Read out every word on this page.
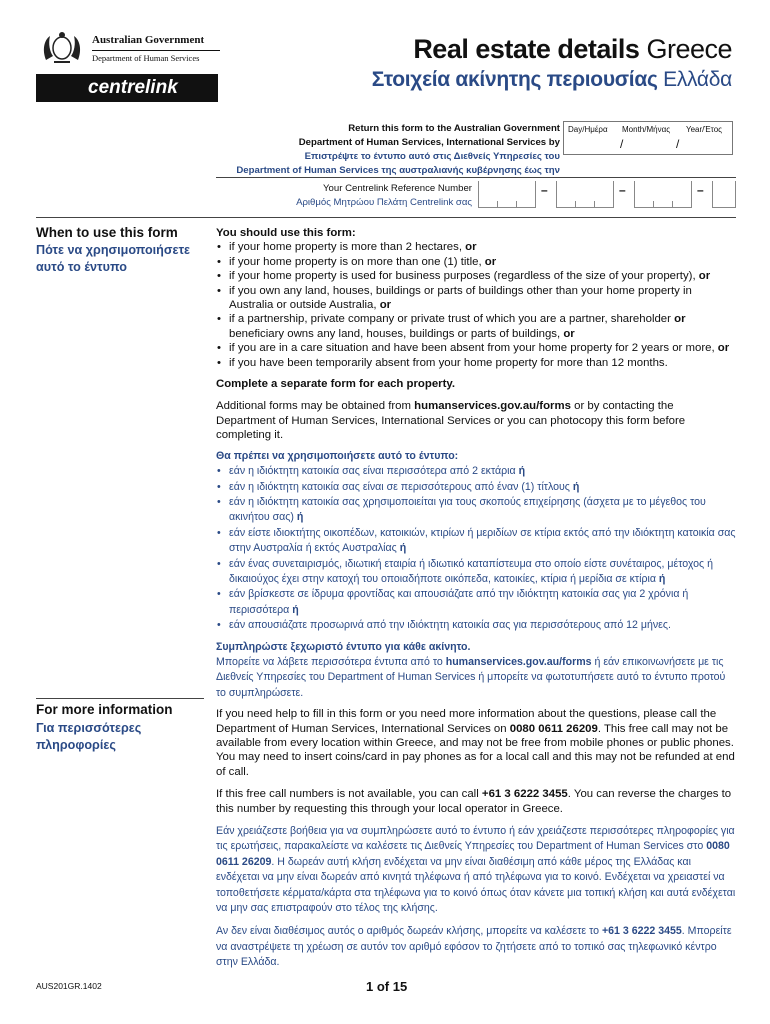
Australian Government
Department of Human Services
centrelink
Real estate details Greece
Στοιχεία ακίνητης περιουσίας Ελλάδα
Return this form to the Australian Government
Department of Human Services, International Services by
Επιστρέψτε το έντυπο αυτό στις Διεθνείς Υπηρεσίες του
Department of Human Services της αυστραλιανής κυβέρνησης έως την
Day/Ημέρα Month/Μήνας Year/Έτος
/	/
Your Centrelink Reference Number
Αριθμός Μητρώου Πελάτη Centrelink σας
–	–	–
When to use this form
Πότε να χρησιμοποιήσετε
αυτό το έντυπο
For more information
Για περισσότερες
πληροφορίες

You should use this form:

• if your home property is more than 2 hectares, or
• if your home property is on more than one (1) title, or
• if your home property is used for business purposes (regardless of the size of your property), or
• if you own any land, houses, buildings or parts of buildings other than your home property in Australia or outside Australia, or
• if a partnership, private company or private trust of which you are a partner, shareholder or beneficiary owns any land, houses, buildings or parts of buildings, or
• if you are in a care situation and have been absent from your home property for 2 years or more, or
• if you have been temporarily absent from your home property for more than 12 months.

Complete a separate form for each property.

Additional forms may be obtained from humanservices.gov.au/forms or by contacting the Department of Human Services, International Services or you can photocopy this form before completing it.

Θα πρέπει να χρησιμοποιήσετε αυτό το έντυπο:

• εάν η ιδιόκτητη κατοικία σας είναι περισσότερα από 2 εκτάρια ή
• εάν η ιδιόκτητη κατοικία σας είναι σε περισσότερους από έναν (1) τίτλους ή
• εάν η ιδιόκτητη κατοικία σας χρησιμοποιείται για τους σκοπούς επιχείρησης (άσχετα με το μέγεθος του ακινήτου σας) ή
• εάν είστε ιδιοκτήτης οικοπέδων, κατοικιών, κτιρίων ή μεριδίων σε κτίρια εκτός από την ιδιόκτητη κατοικία σας στην Αυστραλία ή εκτός Αυστραλίας ή
• εάν ένας συνεταιρισμός, ιδιωτική εταιρία ή ιδιωτικό καταπίστευμα στο οποίο είστε συνέταιρος, μέτοχος ή δικαιούχος έχει στην κατοχή του οποιαδήποτε οικόπεδα, κατοικίες, κτίρια ή μερίδια σε κτίρια ή
• εάν βρίσκεστε σε ίδρυμα φροντίδας και απουσιάζατε από την ιδιόκτητη κατοικία σας για 2 χρόνια ή περισσότερα ή
• εάν απουσιάζατε προσωρινά από την ιδιόκτητη κατοικία σας για περισσότερους από 12 μήνες.

Συμπληρώστε ξεχωριστό έντυπο για κάθε ακίνητο.

Μπορείτε να λάβετε περισσότερα έντυπα από το humanservices.gov.au/forms ή εάν επικοινωνήσετε με τις Διεθνείς Υπηρεσίες του Department of Human Services ή μπορείτε να φωτοτυπήσετε αυτό το έντυπο προτού το συμπληρώσετε.

If you need help to fill in this form or you need more information about the questions, please call the Department of Human Services, International Services on 0080 0611 26209. This free call may not be available from every location within Greece, and may not be free from mobile phones or public phones. You may need to insert coins/card in pay phones as for a local call and this may not be refunded at end of call.

If this free call numbers is not available, you can call +61 3 6222 3455. You can reverse the charges to this number by requesting this through your local operator in Greece.

Εάν χρειάζεστε βοήθεια για να συμπληρώσετε αυτό το έντυπο ή εάν χρειάζεστε περισσότερες πληροφορίες για τις ερωτήσεις, παρακαλείστε να καλέσετε τις Διεθνείς Υπηρεσίες του Department of Human Services στο 0080 0611 26209. Η δωρεάν αυτή κλήση ενδέχεται να μην είναι διαθέσιμη από κάθε μέρος της Ελλάδας και ενδέχεται να μην είναι δωρεάν από κινητά τηλέφωνα ή από τηλέφωνα για το κοινό. Ενδέχεται να χρειαστεί να τοποθετήσετε κέρματα/κάρτα στα τηλέφωνα για το κοινό όπως όταν κάνετε μια τοπική κλήση και αυτά ενδέχεται να μην σας επιστραφούν στο τέλος της κλήσης.

Αν δεν είναι διαθέσιμος αυτός ο αριθμός δωρεάν κλήσης, μπορείτε να καλέσετε το +61 3 6222 3455. Μπορείτε να αναστρέψετε τη χρέωση σε αυτόν τον αριθμό εφόσον το ζητήσετε από το τοπικό σας τηλεφωνικό κέντρο στην Ελλάδα.

AUS201GR.1402	1 of 15
